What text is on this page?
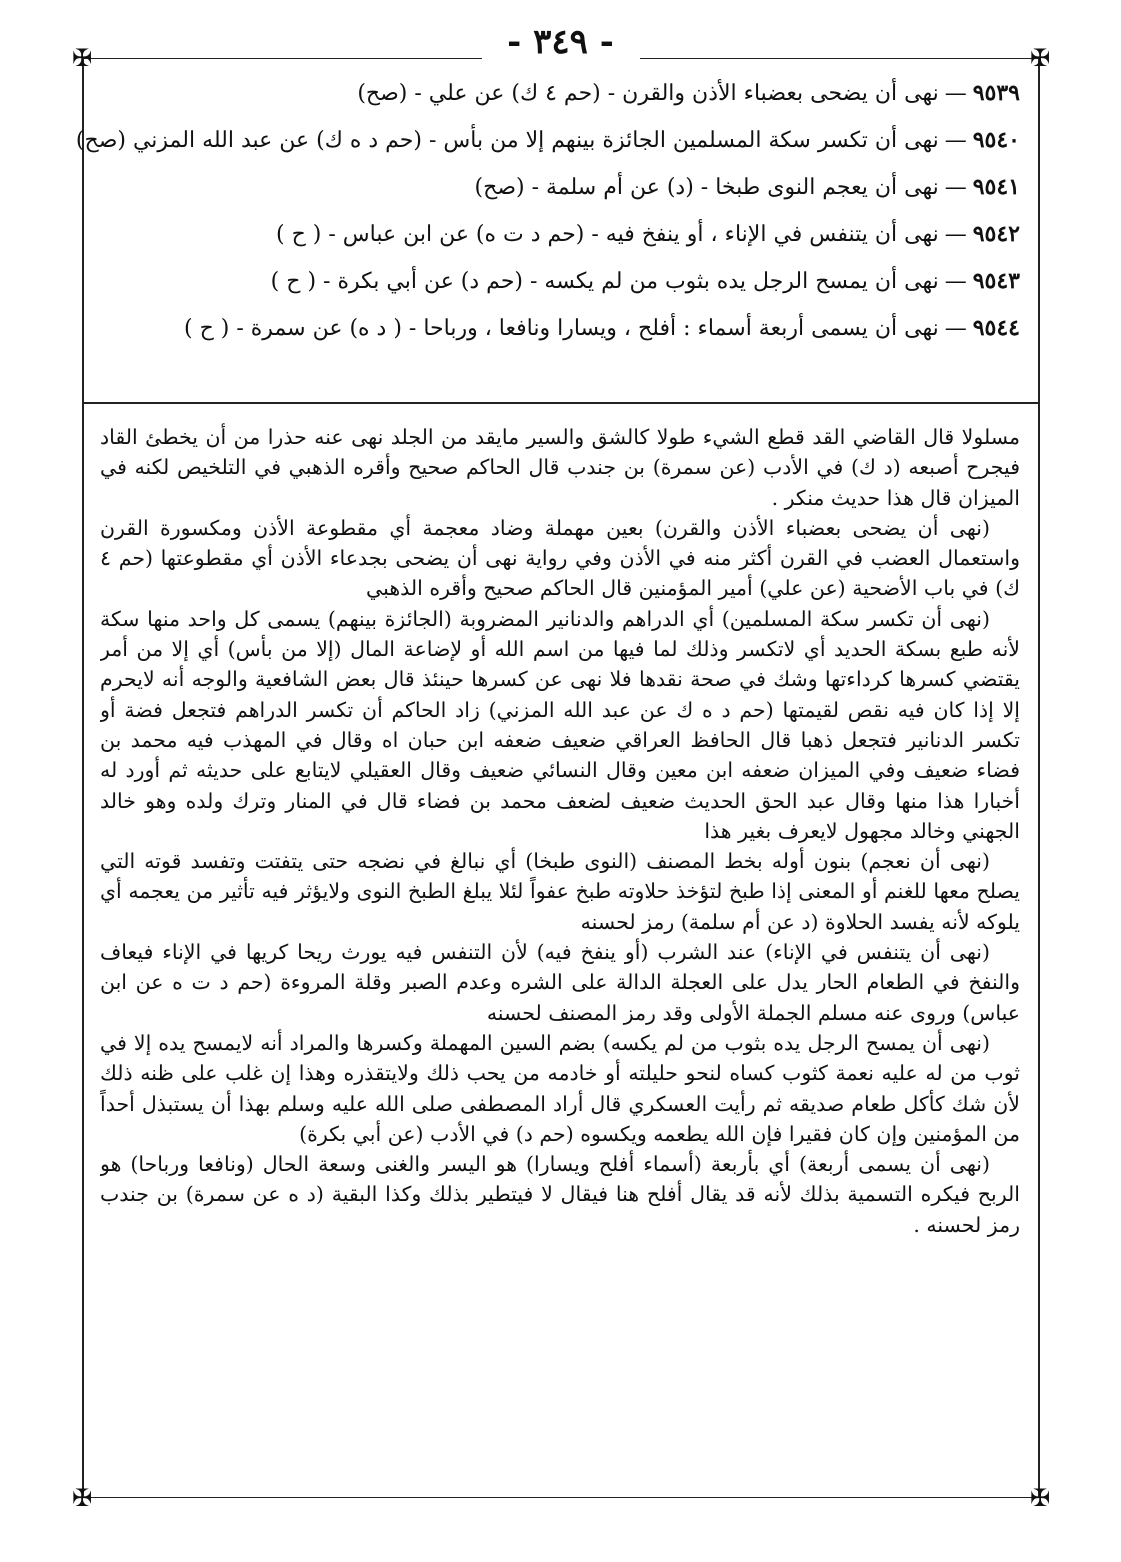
✠	✠
✠	✠
- ٣٤٩ -
٩٥٣٩—نهى أن يضحى بعضباء الأذن والقرن - (حم ٤ ك) عن علي - (صح)
٩٥٤٠—نهى أن تكسر سكة المسلمين الجائزة بينهم إلا من بأس - (حم د ه ك) عن عبد الله المزني (صح)
٩٥٤١—نهى أن يعجم النوى طبخا - (د) عن أم سلمة - (صح)
٩٥٤٢—نهى أن يتنفس في الإناء ، أو ينفخ فيه - (حم د ت ه) عن ابن عباس - ( ح )
٩٥٤٣—نهى أن يمسح الرجل يده بثوب من لم يكسه - (حم د) عن أبي بكرة - ( ح )
٩٥٤٤—نهى أن يسمى أربعة أسماء : أفلح ، ويسارا ونافعا ، ورباحا - ( د ه) عن سمرة - ( ح )

مسلولا قال القاضي القد قطع الشيء طولا كالشق والسير مايقد من الجلد نهى عنه حذرا من أن يخطئ القاد فيجرح أصبعه (د ك) في الأدب (عن سمرة) بن جندب قال الحاكم صحيح وأقره الذهبي في التلخيص لكنه في الميزان قال هذا حديث منكر .

(نهى أن يضحى بعضباء الأذن والقرن) بعين مهملة وضاد معجمة أي مقطوعة الأذن ومكسورة القرن واستعمال العضب في القرن أكثر منه في الأذن وفي رواية نهى أن يضحى بجدعاء الأذن أي مقطوعتها (حم ٤ ك) في باب الأضحية (عن علي) أمير المؤمنين قال الحاكم صحيح وأقره الذهبي

(نهى أن تكسر سكة المسلمين) أي الدراهم والدنانير المضروبة (الجائزة بينهم) يسمى كل واحد منها سكة لأنه طبع بسكة الحديد أي لاتكسر وذلك لما فيها من اسم الله أو لإضاعة المال (إلا من بأس) أي إلا من أمر يقتضي كسرها كرداءتها وشك في صحة نقدها فلا نهى عن كسرها حينئذ قال بعض الشافعية والوجه أنه لايحرم إلا إذا كان فيه نقص لقيمتها (حم د ه ك عن عبد الله المزني) زاد الحاكم أن تكسر الدراهم فتجعل فضة أو تكسر الدنانير فتجعل ذهبا قال الحافظ العراقي ضعيف ضعفه ابن حبان اه وقال في المهذب فيه محمد بن فضاء ضعيف وفي الميزان ضعفه ابن معين وقال النسائي ضعيف وقال العقيلي لايتابع على حديثه ثم أورد له أخبارا هذا منها وقال عبد الحق الحديث ضعيف لضعف محمد بن فضاء قال في المنار وترك ولده وهو خالد الجهني وخالد مجهول لايعرف بغير هذا

(نهى أن نعجم) بنون أوله بخط المصنف (النوى طبخا) أي نبالغ في نضجه حتى يتفتت وتفسد قوته التي يصلح معها للغنم أو المعنى إذا طبخ لتؤخذ حلاوته طبخ عفواً لئلا يبلغ الطبخ النوى ولايؤثر فيه تأثير من يعجمه أي يلوكه لأنه يفسد الحلاوة (د عن أم سلمة) رمز لحسنه

(نهى أن يتنفس في الإناء) عند الشرب (أو ينفخ فيه) لأن التنفس فيه يورث ريحا كريها في الإناء فيعاف والنفخ في الطعام الحار يدل على العجلة الدالة على الشره وعدم الصبر وقلة المروءة (حم د ت ه عن ابن عباس) وروى عنه مسلم الجملة الأولى وقد رمز المصنف لحسنه

(نهى أن يمسح الرجل يده بثوب من لم يكسه) بضم السين المهملة وكسرها والمراد أنه لايمسح يده إلا في ثوب من له عليه نعمة كثوب كساه لنحو حليلته أو خادمه من يحب ذلك ولايتقذره وهذا إن غلب على ظنه ذلك لأن شك كأكل طعام صديقه ثم رأيت العسكري قال أراد المصطفى صلى الله عليه وسلم بهذا أن يستبذل أحداً من المؤمنين وإن كان فقيرا فإن الله يطعمه ويكسوه (حم د) في الأدب (عن أبي بكرة)

(نهى أن يسمى أربعة) أي بأربعة (أسماء أفلح ويسارا) هو اليسر والغنى وسعة الحال (ونافعا ورباحا) هو الربح فيكره التسمية بذلك لأنه قد يقال أفلح هنا فيقال لا فيتطير بذلك وكذا البقية (د ه عن سمرة) بن جندب رمز لحسنه .
